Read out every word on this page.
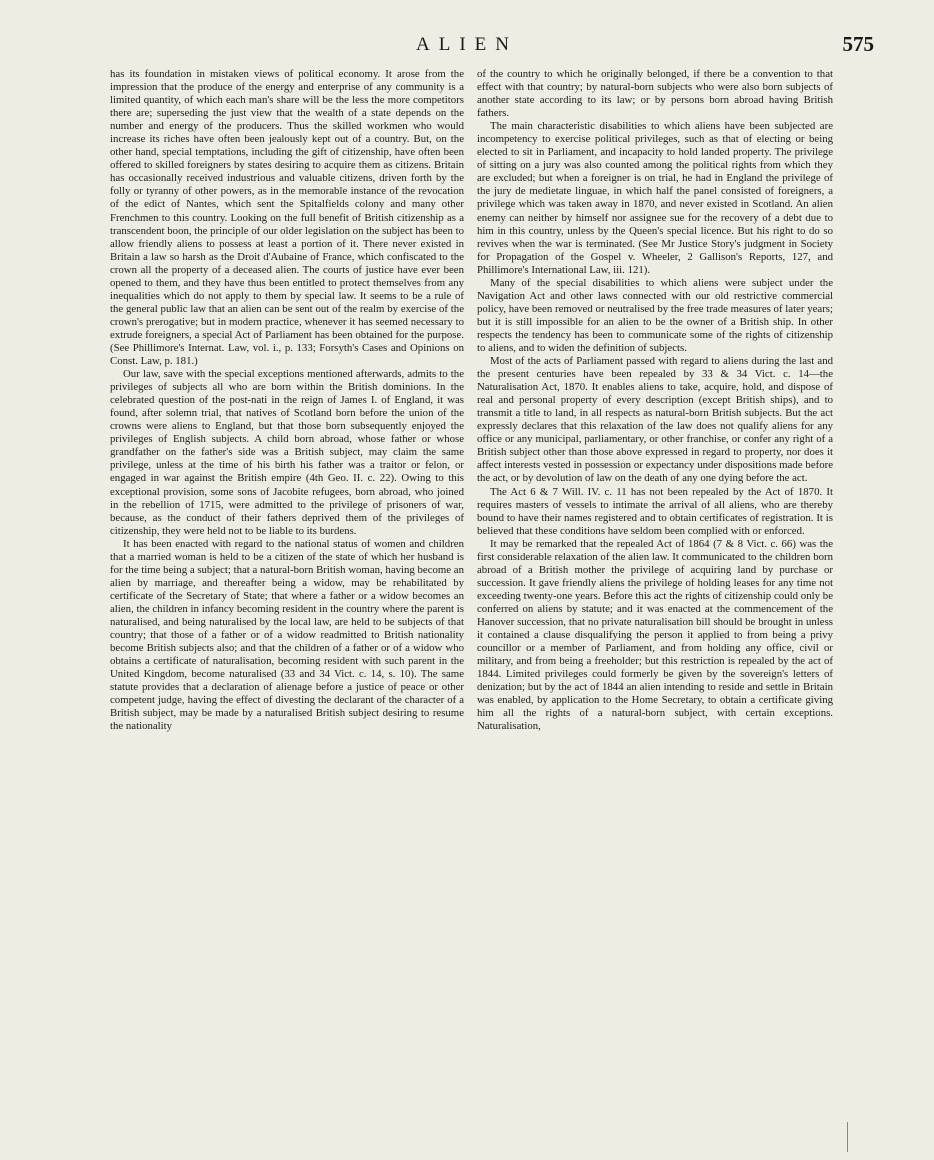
ALIEN	575

has its foundation in mistaken views of political economy. It arose from the impression that the produce of the energy and enterprise of any community is a limited quantity, of which each man's share will be the less the more competitors there are; superseding the just view that the wealth of a state depends on the number and energy of the producers. Thus the skilled workmen who would increase its riches have often been jealously kept out of a country. But, on the other hand, special temptations, including the gift of citizenship, have often been offered to skilled foreigners by states desiring to acquire them as citizens. Britain has occasionally received industrious and valuable citizens, driven forth by the folly or tyranny of other powers, as in the memorable instance of the revocation of the edict of Nantes, which sent the Spitalfields colony and many other Frenchmen to this country. Looking on the full benefit of British citizenship as a transcendent boon, the principle of our older legislation on the subject has been to allow friendly aliens to possess at least a portion of it. There never existed in Britain a law so harsh as the Droit d'Aubaine of France, which confiscated to the crown all the property of a deceased alien. The courts of justice have ever been opened to them, and they have thus been entitled to protect themselves from any inequalities which do not apply to them by special law. It seems to be a rule of the general public law that an alien can be sent out of the realm by exercise of the crown's prerogative; but in modern practice, whenever it has seemed necessary to extrude foreigners, a special Act of Parliament has been obtained for the purpose. (See Phillimore's Internat. Law, vol. i., p. 133; Forsyth's Cases and Opinions on Const. Law, p. 181.)

Our law, save with the special exceptions mentioned afterwards, admits to the privileges of subjects all who are born within the British dominions. In the celebrated question of the post-nati in the reign of James I. of England, it was found, after solemn trial, that natives of Scotland born before the union of the crowns were aliens to England, but that those born subsequently enjoyed the privileges of English subjects. A child born abroad, whose father or whose grandfather on the father's side was a British subject, may claim the same privilege, unless at the time of his birth his father was a traitor or felon, or engaged in war against the British empire (4th Geo. II. c. 22). Owing to this exceptional provision, some sons of Jacobite refugees, born abroad, who joined in the rebellion of 1715, were admitted to the privilege of prisoners of war, because, as the conduct of their fathers deprived them of the privileges of citizenship, they were held not to be liable to its burdens.

It has been enacted with regard to the national status of women and children that a married woman is held to be a citizen of the state of which her husband is for the time being a subject; that a natural-born British woman, having become an alien by marriage, and thereafter being a widow, may be rehabilitated by certificate of the Secretary of State; that where a father or a widow becomes an alien, the children in infancy becoming resident in the country where the parent is naturalised, and being naturalised by the local law, are held to be subjects of that country; that those of a father or of a widow readmitted to British nationality become British subjects also; and that the children of a father or of a widow who obtains a certificate of naturalisation, becoming resident with such parent in the United Kingdom, become naturalised (33 and 34 Vict. c. 14, s. 10). The same statute provides that a declaration of alienage before a justice of peace or other competent judge, having the effect of divesting the declarant of the character of a British subject, may be made by a naturalised British subject desiring to resume the nationality

of the country to which he originally belonged, if there be a convention to that effect with that country; by natural-born subjects who were also born subjects of another state according to its law; or by persons born abroad having British fathers.

The main characteristic disabilities to which aliens have been subjected are incompetency to exercise political privileges, such as that of electing or being elected to sit in Parliament, and incapacity to hold landed property. The privilege of sitting on a jury was also counted among the political rights from which they are excluded; but when a foreigner is on trial, he had in England the privilege of the jury de medietate linguae, in which half the panel consisted of foreigners, a privilege which was taken away in 1870, and never existed in Scotland. An alien enemy can neither by himself nor assignee sue for the recovery of a debt due to him in this country, unless by the Queen's special licence. But his right to do so revives when the war is terminated. (See Mr Justice Story's judgment in Society for Propagation of the Gospel v. Wheeler, 2 Gallison's Reports, 127, and Phillimore's International Law, iii. 121).

Many of the special disabilities to which aliens were subject under the Navigation Act and other laws connected with our old restrictive commercial policy, have been removed or neutralised by the free trade measures of later years; but it is still impossible for an alien to be the owner of a British ship. In other respects the tendency has been to communicate some of the rights of citizenship to aliens, and to widen the definition of subjects.

Most of the acts of Parliament passed with regard to aliens during the last and the present centuries have been repealed by 33 & 34 Vict. c. 14—the Naturalisation Act, 1870. It enables aliens to take, acquire, hold, and dispose of real and personal property of every description (except British ships), and to transmit a title to land, in all respects as natural-born British subjects. But the act expressly declares that this relaxation of the law does not qualify aliens for any office or any municipal, parliamentary, or other franchise, or confer any right of a British subject other than those above expressed in regard to property, nor does it affect interests vested in possession or expectancy under dispositions made before the act, or by devolution of law on the death of any one dying before the act.

The Act 6 & 7 Will. IV. c. 11 has not been repealed by the Act of 1870. It requires masters of vessels to intimate the arrival of all aliens, who are thereby bound to have their names registered and to obtain certificates of registration. It is believed that these conditions have seldom been complied with or enforced.

It may be remarked that the repealed Act of 1864 (7 & 8 Vict. c. 66) was the first considerable relaxation of the alien law. It communicated to the children born abroad of a British mother the privilege of acquiring land by purchase or succession. It gave friendly aliens the privilege of holding leases for any time not exceeding twenty-one years. Before this act the rights of citizenship could only be conferred on aliens by statute; and it was enacted at the commencement of the Hanover succession, that no private naturalisation bill should be brought in unless it contained a clause disqualifying the person it applied to from being a privy councillor or a member of Parliament, and from holding any office, civil or military, and from being a freeholder; but this restriction is repealed by the act of 1844. Limited privileges could formerly be given by the sovereign's letters of denization; but by the act of 1844 an alien intending to reside and settle in Britain was enabled, by application to the Home Secretary, to obtain a certificate giving him all the rights of a natural-born subject, with certain exceptions. Naturalisation,
